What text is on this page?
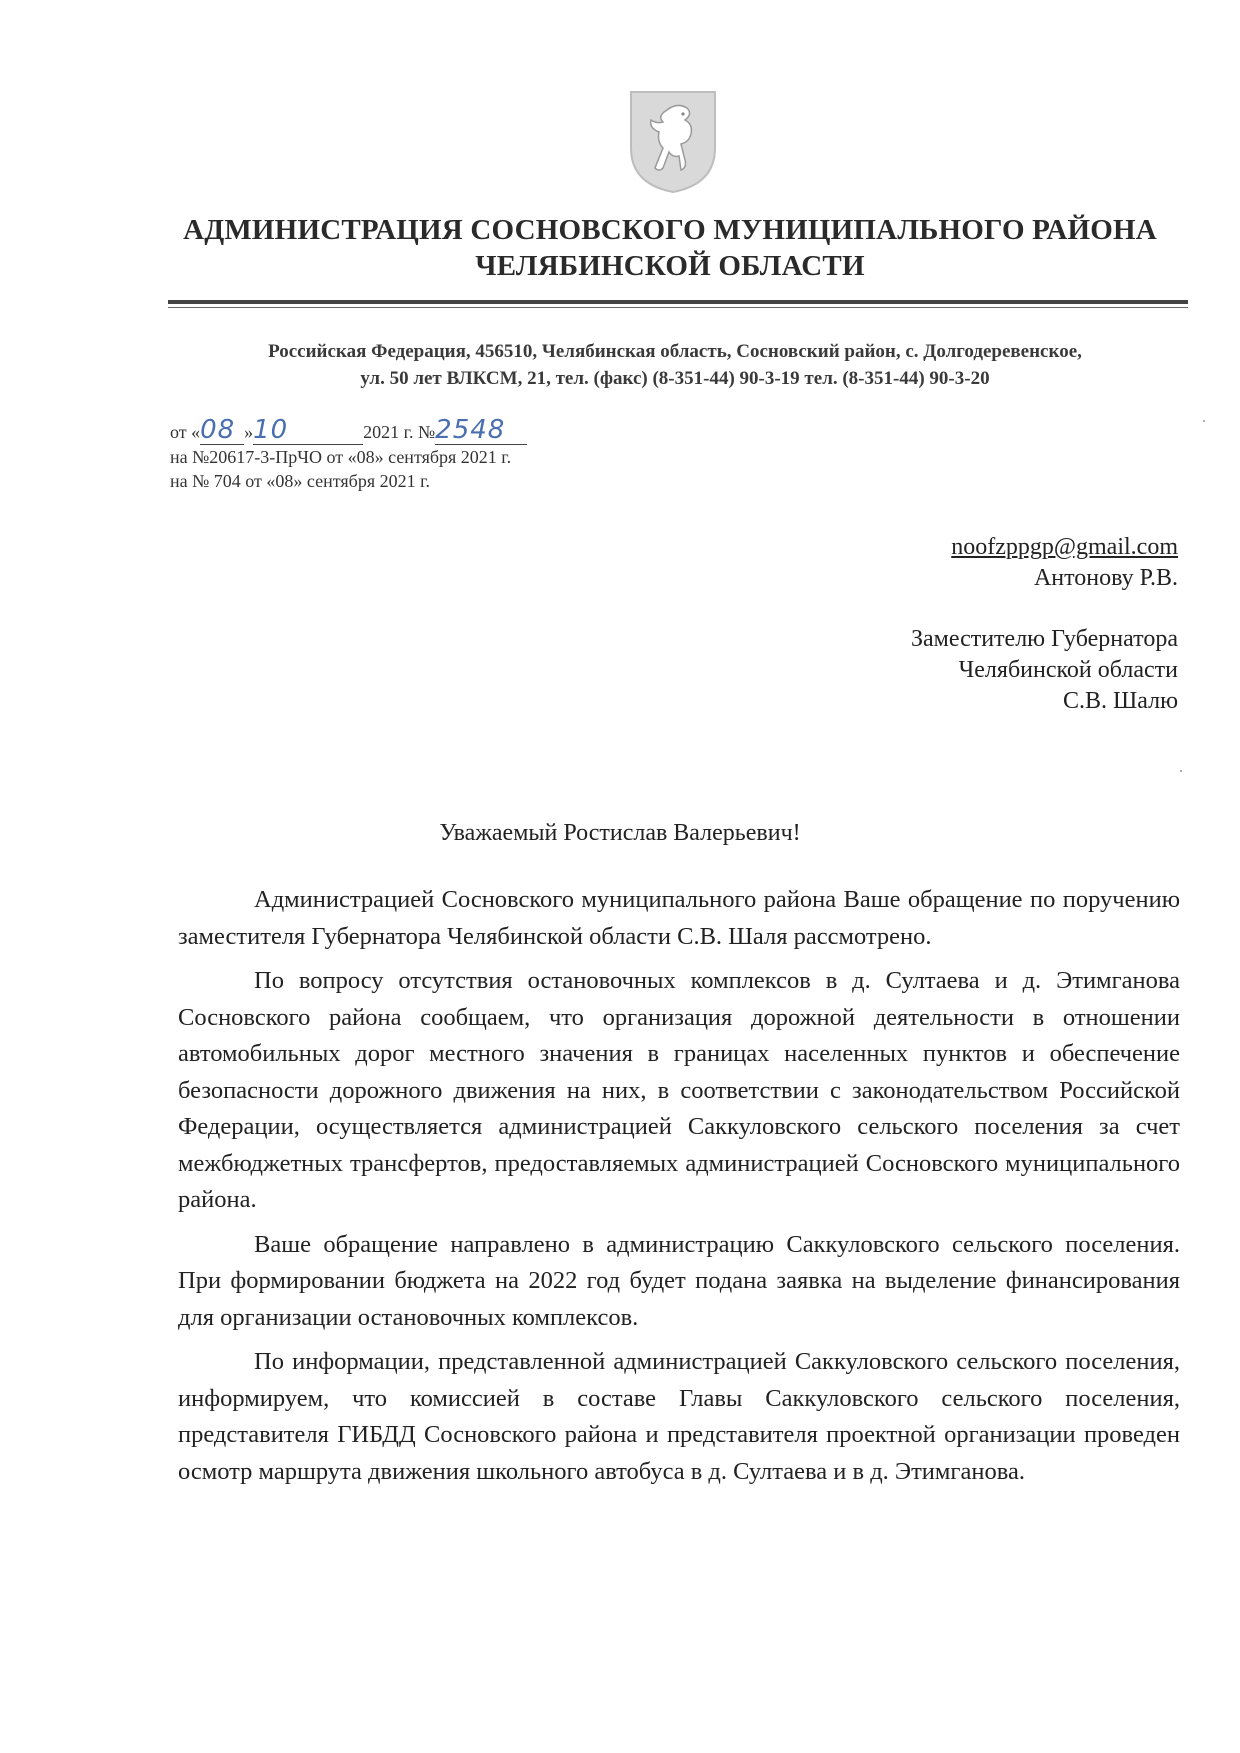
АДМИНИСТРАЦИЯ СОСНОВСКОГО МУНИЦИПАЛЬНОГО РАЙОНА
ЧЕЛЯБИНСКОЙ ОБЛАСТИ
Российская Федерация, 456510, Челябинская область, Сосновский район, с. Долгодеревенское,
ул. 50 лет ВЛКСМ, 21, тел. (факс) (8-351-44) 90-3-19 тел. (8-351-44) 90-3-20
от «08 »10	2021 г. №2548
на №20617-3-ПрЧО от «08» сентября 2021 г.
на № 704 от «08» сентября 2021 г.
noofzppgp@gmail.com
Антонову Р.В.
Заместителю Губернатора
Челябинской области
С.В. Шалю
Уважаемый Ростислав Валерьевич!

Администрацией Сосновского муниципального района Ваше обращение по поручению заместителя Губернатора Челябинской области С.В. Шаля рассмотрено.

По вопросу отсутствия остановочных комплексов в д. Султаева и д. Этимганова Сосновского района сообщаем, что организация дорожной деятельности в отношении автомобильных дорог местного значения в границах населенных пунктов и обеспечение безопасности дорожного движения на них, в соответствии с законодательством Российской Федерации, осуществляется администрацией Саккуловского сельского поселения за счет межбюджетных трансфертов, предоставляемых администрацией Сосновского муниципального района.

Ваше обращение направлено в администрацию Саккуловского сельского поселения. При формировании бюджета на 2022 год будет подана заявка на выделение финансирования для организации остановочных комплексов.

По информации, представленной администрацией Саккуловского сельского поселения, информируем, что комиссией в составе Главы Саккуловского сельского поселения, представителя ГИБДД Сосновского района и представителя проектной организации проведен осмотр маршрута движения школьного автобуса в д. Султаева и в д. Этимганова.
